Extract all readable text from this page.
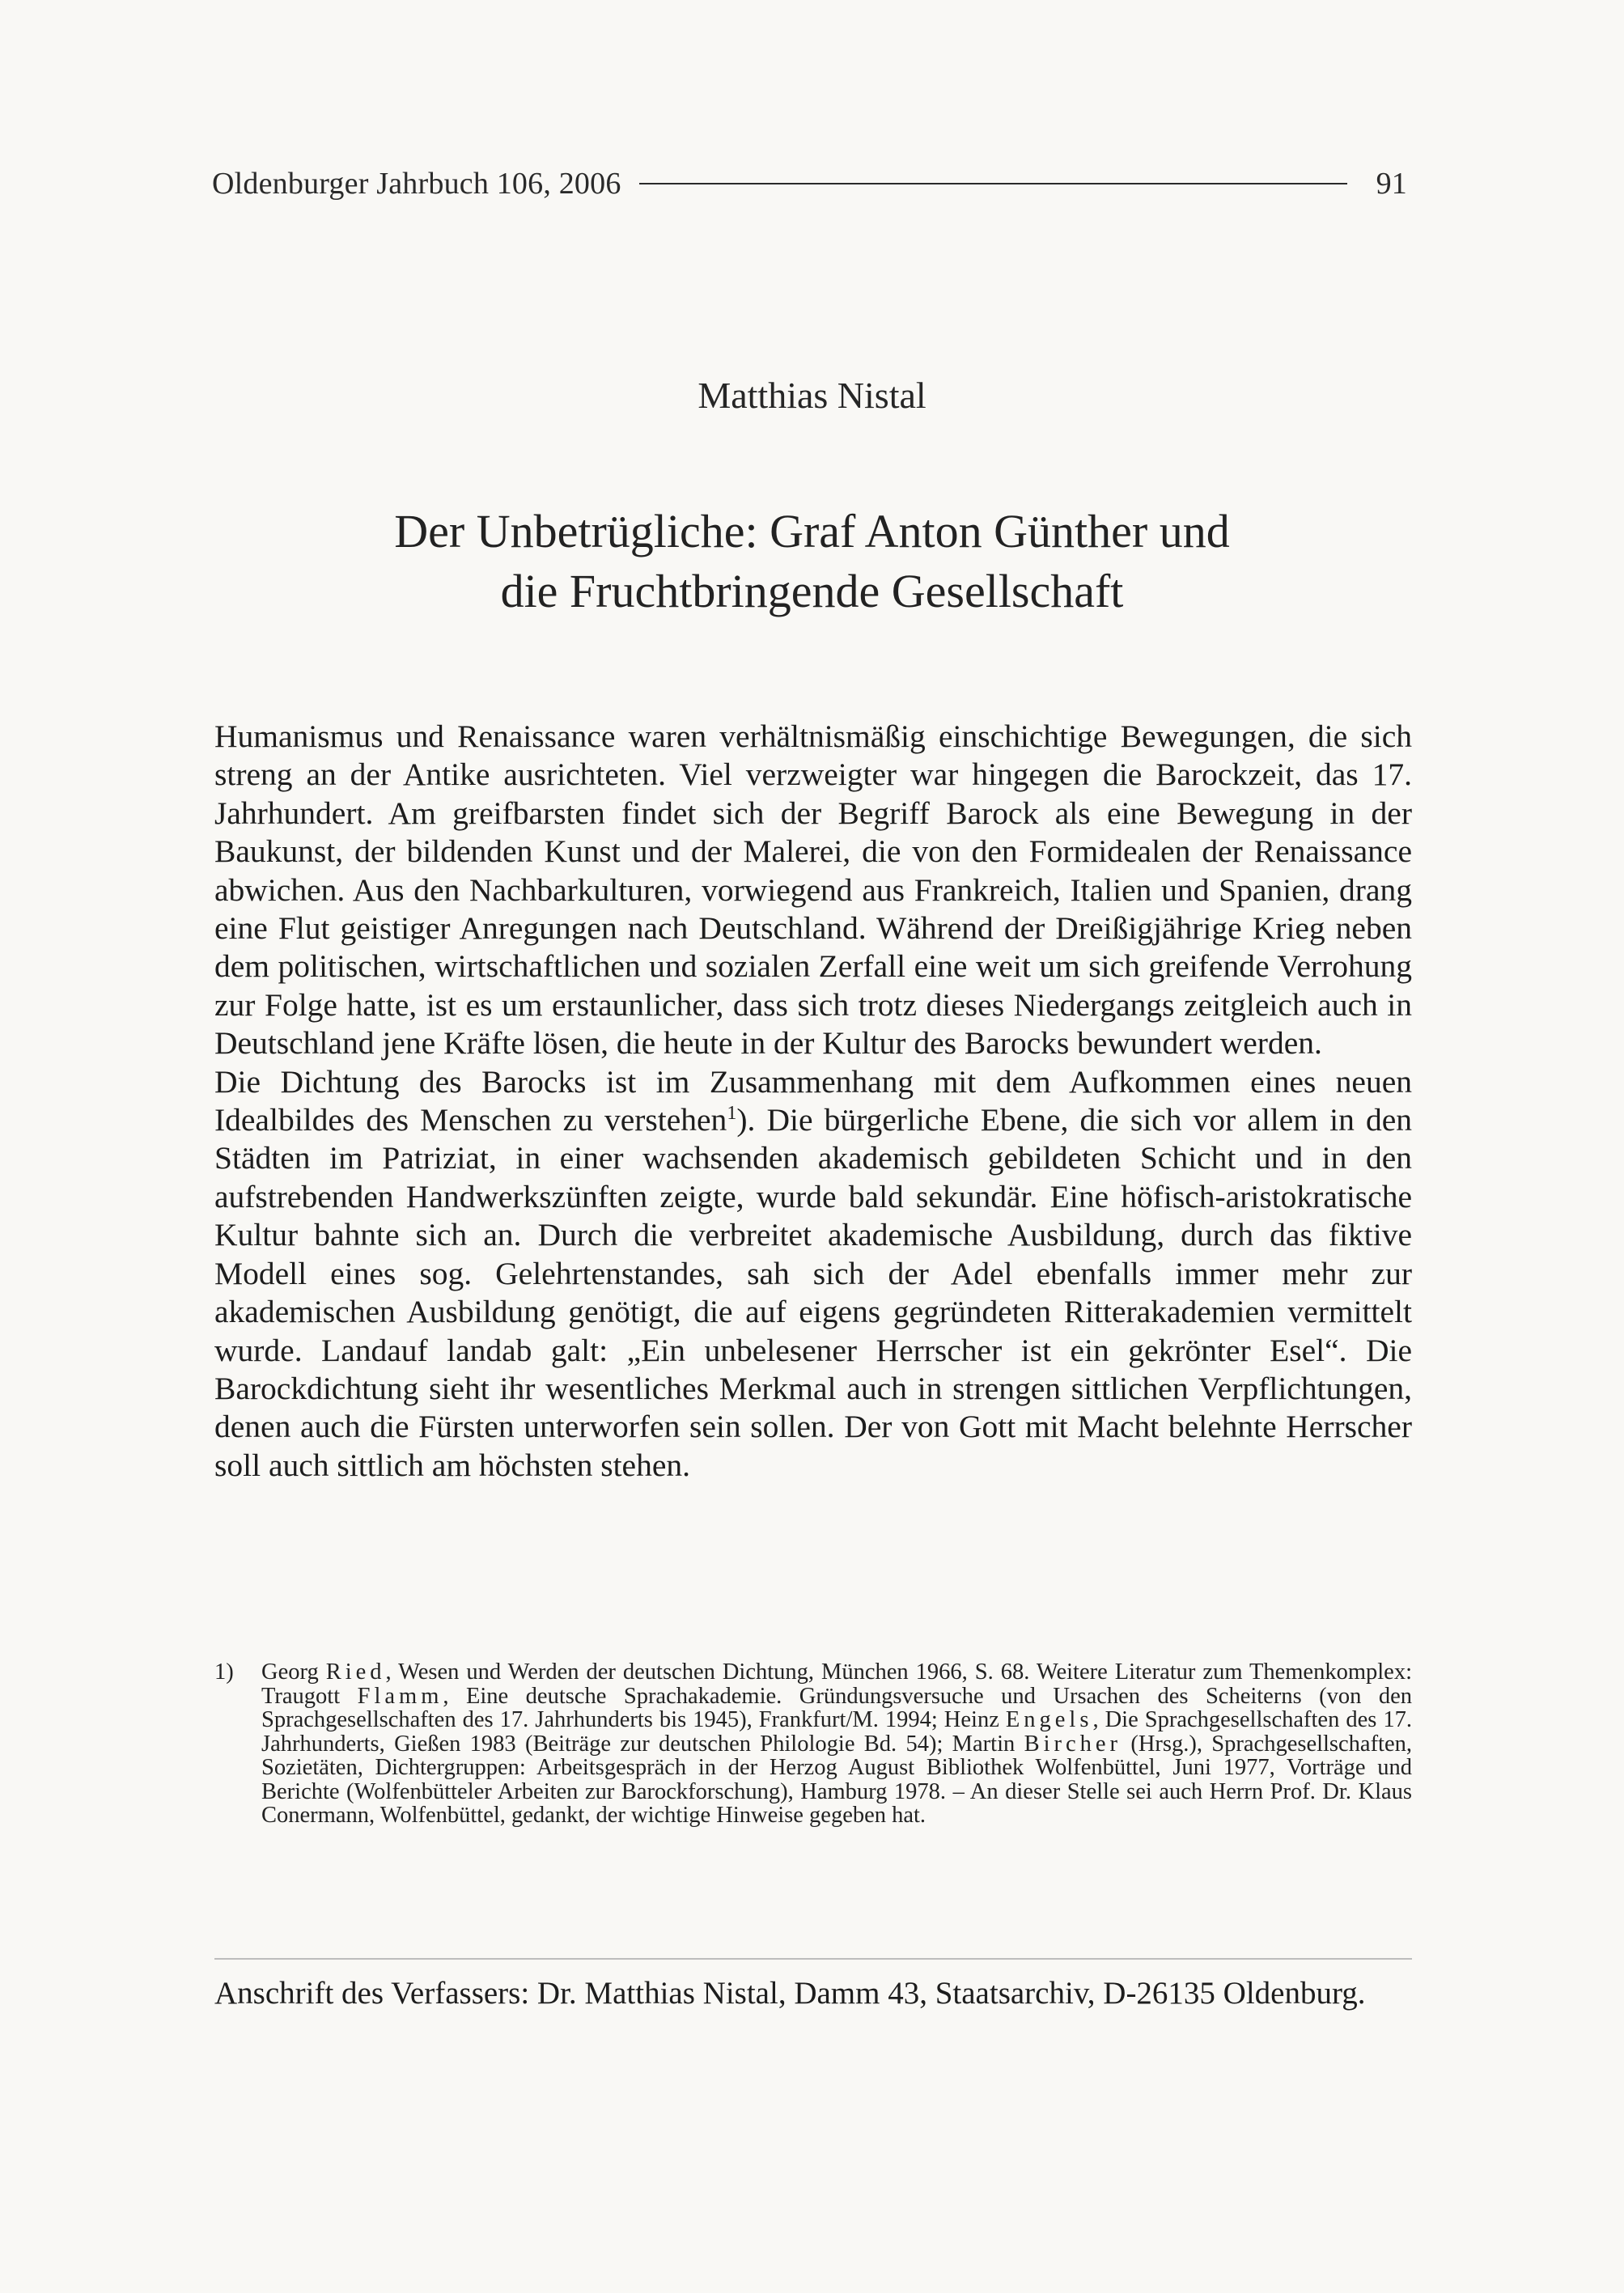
Oldenburger Jahrbuch 106, 2006	91
Matthias Nistal
Der Unbetrügliche: Graf Anton Günther und
die Fruchtbringende Gesellschaft

Humanismus und Renaissance waren verhältnismäßig einschichtige Bewegungen, die sich streng an der Antike ausrichteten. Viel verzweigter war hingegen die Barockzeit, das 17. Jahrhundert. Am greifbarsten findet sich der Begriff Barock als eine Bewegung in der Baukunst, der bildenden Kunst und der Malerei, die von den Formidealen der Renaissance abwichen. Aus den Nachbarkulturen, vorwiegend aus Frankreich, Italien und Spanien, drang eine Flut geistiger Anregungen nach Deutschland. Während der Dreißigjährige Krieg neben dem politischen, wirtschaftlichen und sozialen Zerfall eine weit um sich greifende Verrohung zur Folge hatte, ist es um erstaunlicher, dass sich trotz dieses Niedergangs zeitgleich auch in Deutschland jene Kräfte lösen, die heute in der Kultur des Barocks bewundert werden.

Die Dichtung des Barocks ist im Zusammenhang mit dem Aufkommen eines neuen Idealbildes des Menschen zu verstehen$^1$). Die bürgerliche Ebene, die sich vor allem in den Städten im Patriziat, in einer wachsenden akademisch gebildeten Schicht und in den aufstrebenden Handwerkszünften zeigte, wurde bald sekundär. Eine höfisch-aristokratische Kultur bahnte sich an. Durch die verbreitet akademische Ausbildung, durch das fiktive Modell eines sog. Gelehrtenstandes, sah sich der Adel ebenfalls immer mehr zur akademischen Ausbildung genötigt, die auf eigens gegründeten Ritterakademien vermittelt wurde. Landauf landab galt: „Ein unbelesener Herrscher ist ein gekrönter Esel“. Die Barockdichtung sieht ihr wesentliches Merkmal auch in strengen sittlichen Verpflichtungen, denen auch die Fürsten unterworfen sein sollen. Der von Gott mit Macht belehnte Herrscher soll auch sittlich am höchsten stehen.

1)	Georg Ried, Wesen und Werden der deutschen Dichtung, München 1966, S. 68. Weitere Literatur zum Themenkomplex: Traugott Flamm, Eine deutsche Sprachakademie. Gründungsversuche und Ursachen des Scheiterns (von den Sprachgesellschaften des 17. Jahrhunderts bis 1945), Frankfurt/M. 1994; Heinz Engels, Die Sprachgesellschaften des 17. Jahrhunderts, Gießen 1983 (Beiträge zur deutschen Philologie Bd. 54); Martin Bircher (Hrsg.), Sprachgesellschaften, Sozietäten, Dichtergruppen: Arbeitsgespräch in der Herzog August Bibliothek Wolfenbüttel, Juni 1977, Vorträge und Berichte (Wolfenbütteler Arbeiten zur Barockforschung), Hamburg 1978. – An dieser Stelle sei auch Herrn Prof. Dr. Klaus Conermann, Wolfenbüttel, gedankt, der wichtige Hinweise gegeben hat.
Anschrift des Verfassers: Dr. Matthias Nistal, Damm 43, Staatsarchiv, D-26135 Oldenburg.
